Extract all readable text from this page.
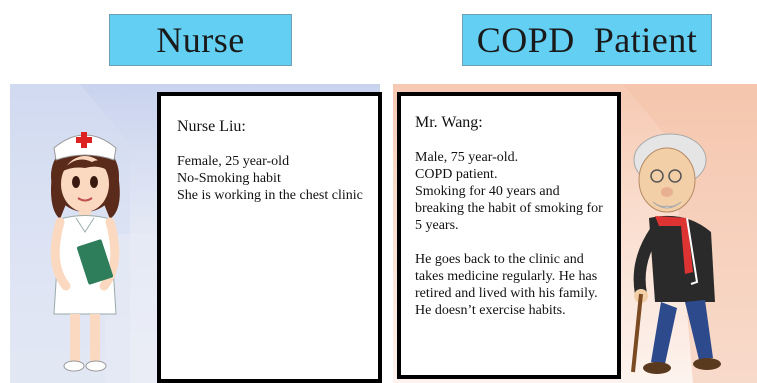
Nurse	COPD  Patient

Nurse Liu:

Female, 25 year-old

No-Smoking habit

She is working in the chest clinic

Mr. Wang:

Male, 75 year-old.

COPD patient.

Smoking for 40 years and breaking the habit of smoking for 5 years.

He goes back to the clinic and takes medicine regularly. He has retired and lived with his family. He doesn’t exercise habits.
